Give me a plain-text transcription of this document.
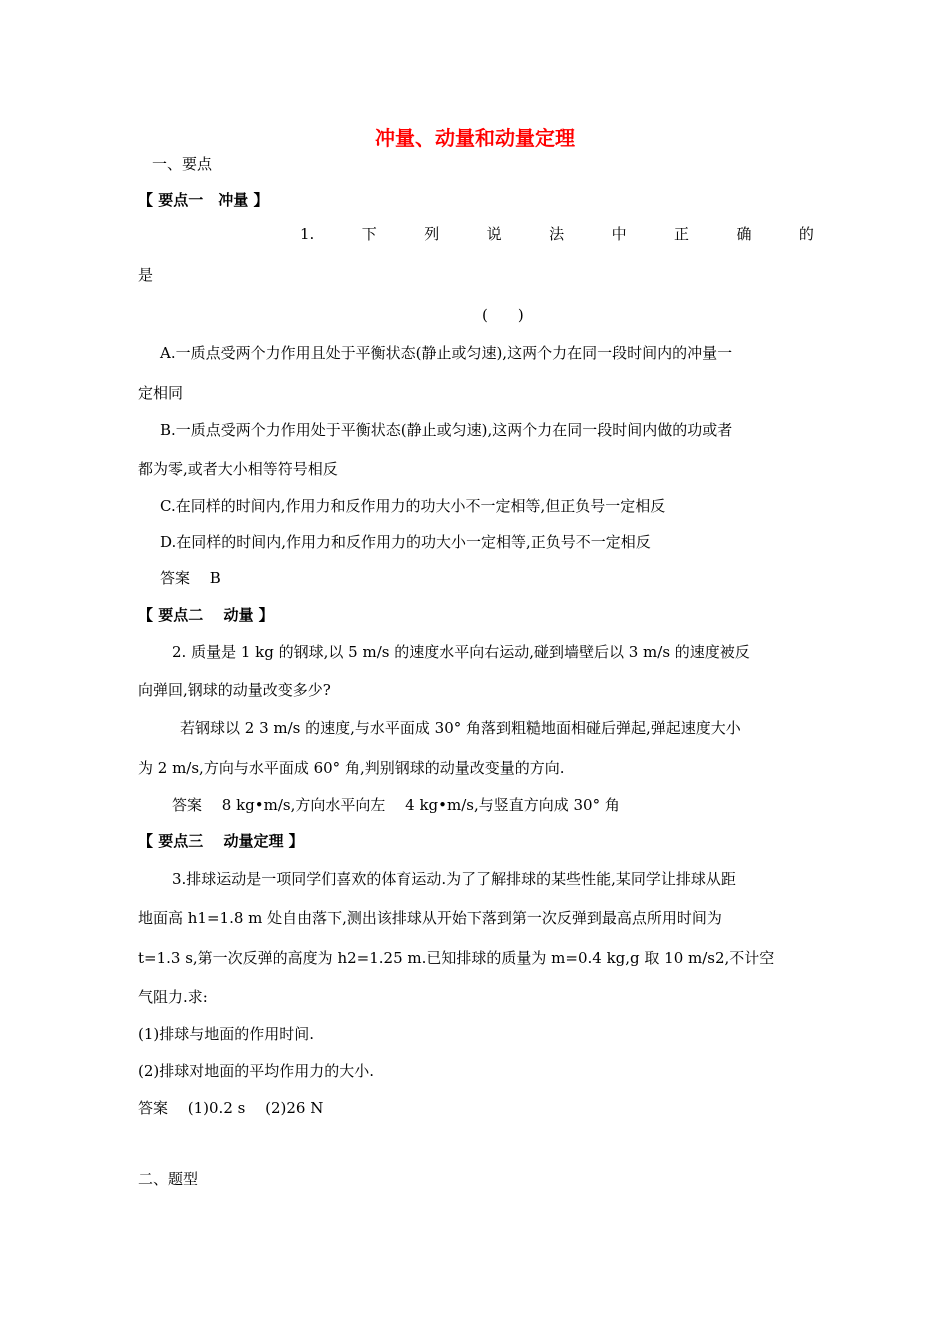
冲量、动量和动量定理
一、要点
【 要点一　冲量 】
1.	下	列	说	法	中	正	确	的
是
(　　)
A.一质点受两个力作用且处于平衡状态(静止或匀速),这两个力在同一段时间内的冲量一
定相同
B.一质点受两个力作用处于平衡状态(静止或匀速),这两个力在同一段时间内做的功或者
都为零,或者大小相等符号相反
C.在同样的时间内,作用力和反作用力的功大小不一定相等,但正负号一定相反
D.在同样的时间内,作用力和反作用力的功大小一定相等,正负号不一定相反
答案　 B
【 要点二　 动量 】
2. 质量是 1 kg 的钢球,以 5 m/s 的速度水平向右运动,碰到墙壁后以 3 m/s 的速度被反
向弹回,钢球的动量改变多少?
若钢球以 2 3 m/s 的速度,与水平面成 30° 角落到粗糙地面相碰后弹起,弹起速度大小
为 2 m/s,方向与水平面成 60° 角,判别钢球的动量改变量的方向.
答案　 8 kg•m/s,方向水平向左　 4 kg•m/s,与竖直方向成 30° 角
【 要点三　 动量定理 】
3.排球运动是一项同学们喜欢的体育运动.为了了解排球的某些性能,某同学让排球从距
地面高 h1=1.8 m 处自由落下,测出该排球从开始下落到第一次反弹到最高点所用时间为
t=1.3 s,第一次反弹的高度为 h2=1.25 m.已知排球的质量为 m=0.4 kg,g 取 10 m/s2,不计空
气阻力.求:
(1)排球与地面的作用时间.
(2)排球对地面的平均作用力的大小.
答案　 (1)0.2 s　 (2)26 N
二、题型
